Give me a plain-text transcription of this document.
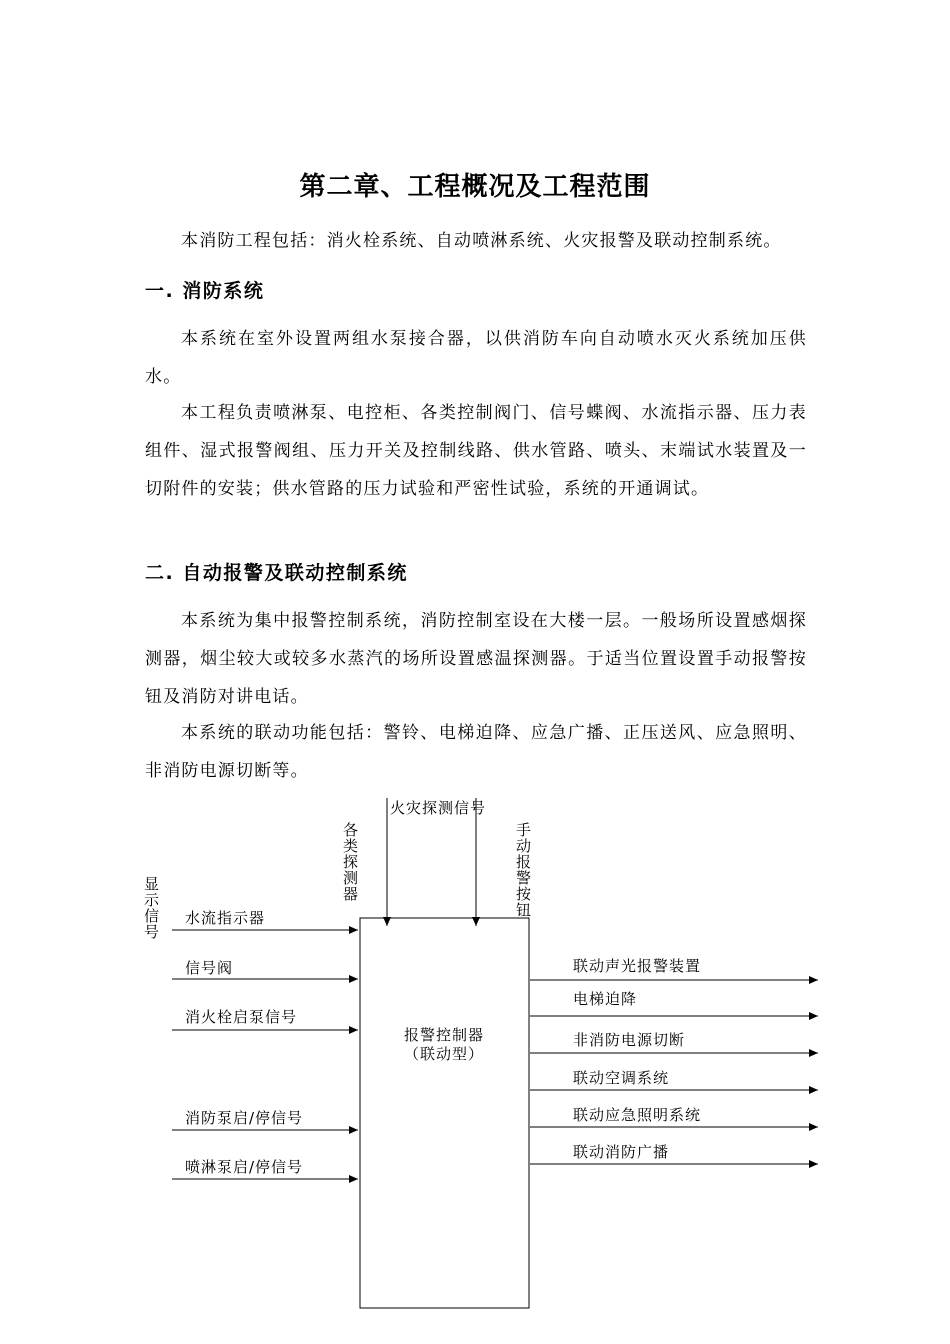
第二章、工程概况及工程范围

本消防工程包括：消火栓系统、自动喷淋系统、火灾报警及联动控制系统。

一. 消防系统

本系统在室外设置两组水泵接合器，以供消防车向自动喷水灭火系统加压供水。

本工程负责喷淋泵、电控柜、各类控制阀门、信号蝶阀、水流指示器、压力表组件、湿式报警阀组、压力开关及控制线路、供水管路、喷头、末端试水装置及一切附件的安装；供水管路的压力试验和严密性试验，系统的开通调试。

二. 自动报警及联动控制系统

本系统为集中报警控制系统，消防控制室设在大楼一层。一般场所设置感烟探测器，烟尘较大或较多水蒸汽的场所设置感温探测器。于适当位置设置手动报警按钮及消防对讲电话。

本系统的联动功能包括：警铃、电梯迫降、应急广播、正压送风、应急照明、非消防电源切断等。

火灾探测信号
显示信号
各类探测器	手动报警按钮
报警控制器
（联动型）
水流指示器
信号阀
消火栓启泵信号
消防泵启/停信号
喷淋泵启/停信号
联动声光报警装置
电梯迫降
非消防电源切断
联动空调系统
联动应急照明系统
联动消防广播
